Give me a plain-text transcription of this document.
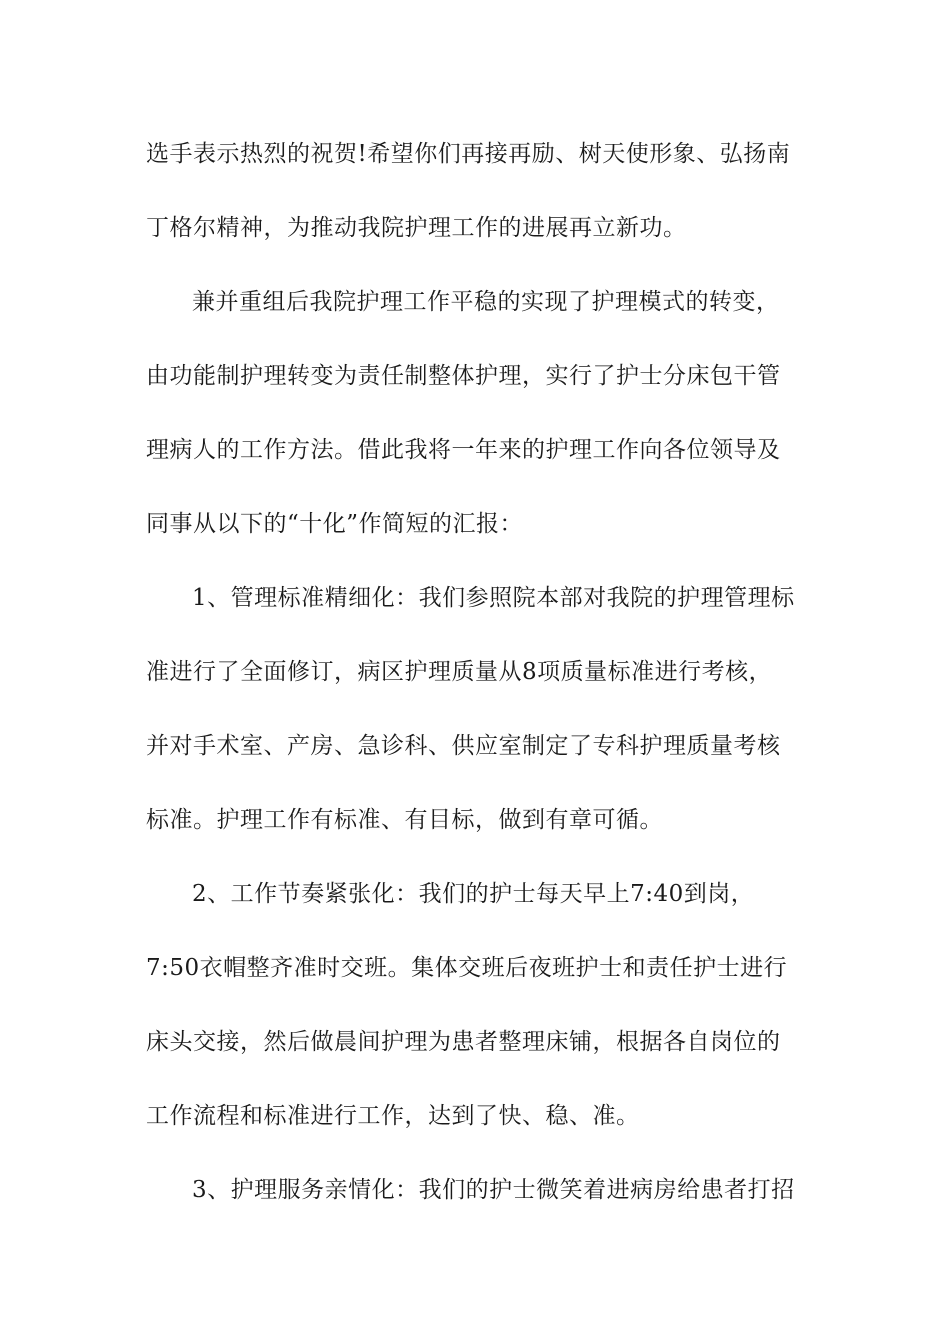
选手表示热烈的祝贺!希望你们再接再励、树天使形象、弘扬南
丁格尔精神，为推动我院护理工作的进展再立新功。
兼并重组后我院护理工作平稳的实现了护理模式的转变，
由功能制护理转变为责任制整体护理，实行了护士分床包干管
理病人的工作方法。借此我将一年来的护理工作向各位领导及
同事从以下的“十化”作简短的汇报：
1、管理标准精细化：我们参照院本部对我院的护理管理标
准进行了全面修订，病区护理质量从8项质量标准进行考核，
并对手术室、产房、急诊科、供应室制定了专科护理质量考核
标准。护理工作有标准、有目标，做到有章可循。
2、工作节奏紧张化：我们的护士每天早上7:40到岗，
7:50衣帽整齐准时交班。集体交班后夜班护士和责任护士进行
床头交接，然后做晨间护理为患者整理床铺，根据各自岗位的
工作流程和标准进行工作，达到了快、稳、准。
3、护理服务亲情化：我们的护士微笑着进病房给患者打招
